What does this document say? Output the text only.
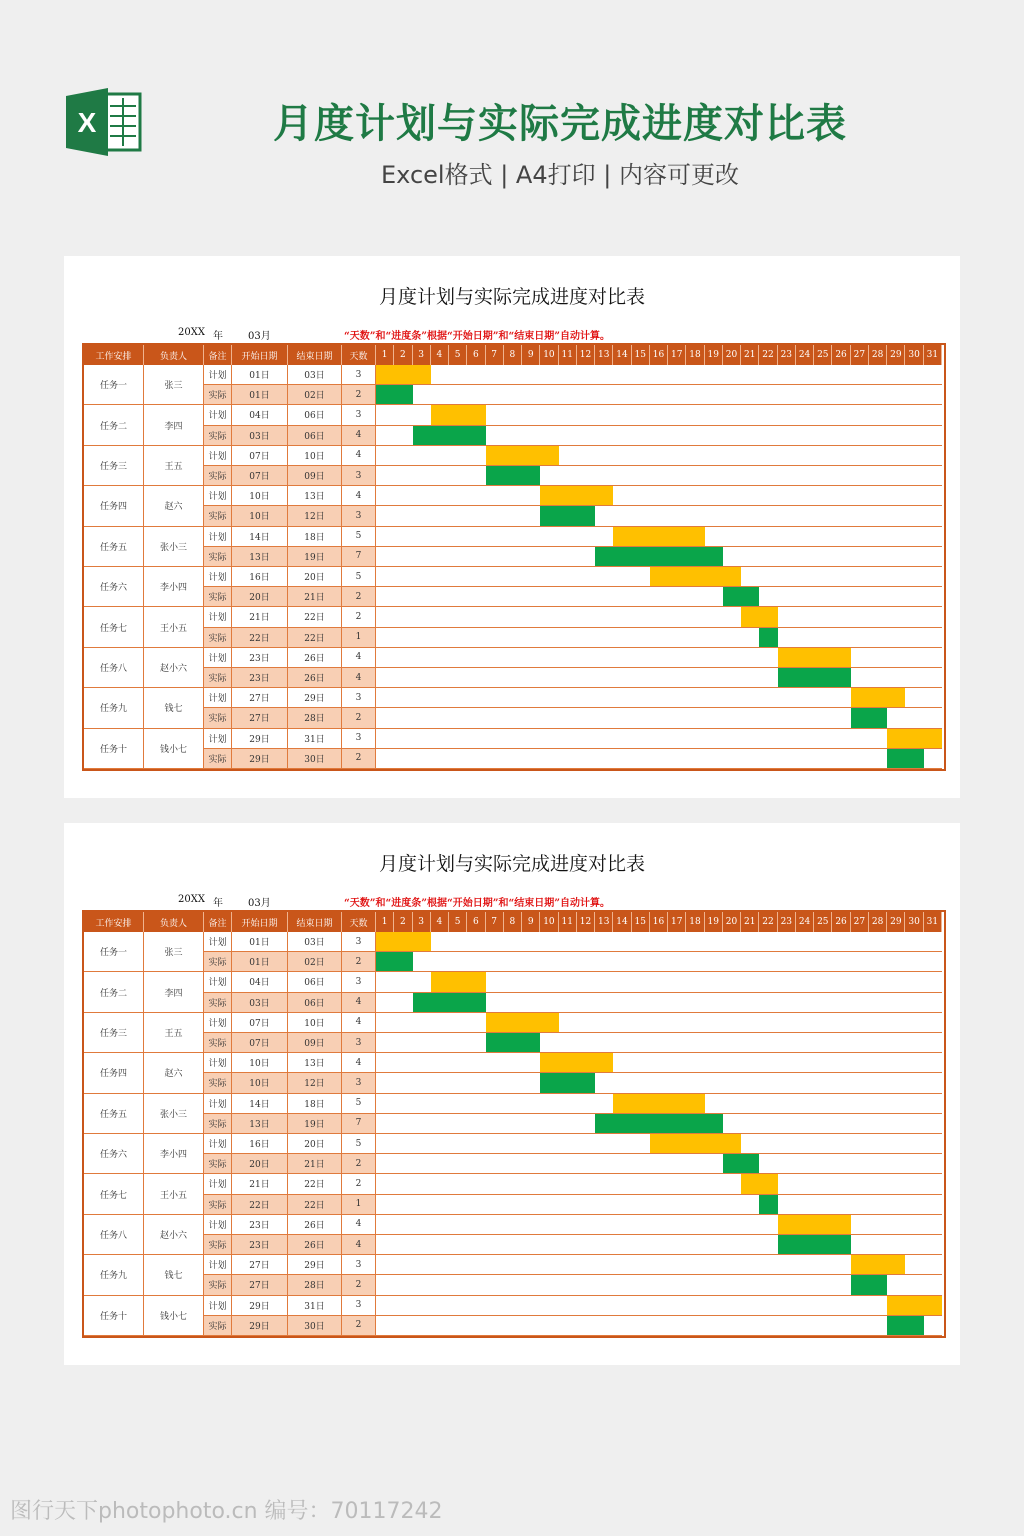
X	月度计划与实际完成进度对比表
Excel格式 | A4打印 | 内容可更改
月度计划与实际完成进度对比表
20XX 年	03月	“天数”和“进度条”根据“开始日期”和“结束日期”自动计算。
工作安排	负责人	备注	开始日期	结束日期	天数	1	2	3	4	5	6	7	8	9	10 11 12 13 14 15 16 17 18 19 20 21 22 23 24 25 26 27 28 29 30 31
任务一	张三
计划	01日	03日	3
实际	01日	02日	2
任务二	李四
计划	04日	06日	3
实际	03日	06日	4
任务三	王五
计划	07日	10日	4
实际	07日	09日	3
任务四	赵六
计划	10日	13日	4
实际	10日	12日	3
任务五	张小三
计划	14日	18日	5
实际	13日	19日	7
任务六	李小四
计划	16日	20日	5
实际	20日	21日	2
任务七	王小五
计划	21日	22日	2
实际	22日	22日	1
任务八	赵小六
计划	23日	26日	4
实际	23日	26日	4
任务九	钱七
计划	27日	29日	3
实际	27日	28日	2
任务十	钱小七
计划	29日	31日	3
实际	29日	30日	2
月度计划与实际完成进度对比表
20XX 年	03月	“天数”和“进度条”根据“开始日期”和“结束日期”自动计算。
工作安排	负责人	备注	开始日期	结束日期	天数	1	2	3	4	5	6	7	8	9	10 11 12 13 14 15 16 17 18 19 20 21 22 23 24 25 26 27 28 29 30 31
任务一	张三
计划	01日	03日	3
实际	01日	02日	2
任务二	李四
计划	04日	06日	3
实际	03日	06日	4
任务三	王五
计划	07日	10日	4
实际	07日	09日	3
任务四	赵六
计划	10日	13日	4
实际	10日	12日	3
任务五	张小三
计划	14日	18日	5
实际	13日	19日	7
任务六	李小四
计划	16日	20日	5
实际	20日	21日	2
任务七	王小五
计划	21日	22日	2
实际	22日	22日	1
任务八	赵小六
计划	23日	26日	4
实际	23日	26日	4
任务九	钱七
计划	27日	29日	3
实际	27日	28日	2
任务十	钱小七
计划	29日	31日	3
实际	29日	30日	2
图行天下photophoto.cn 编号：70117242
